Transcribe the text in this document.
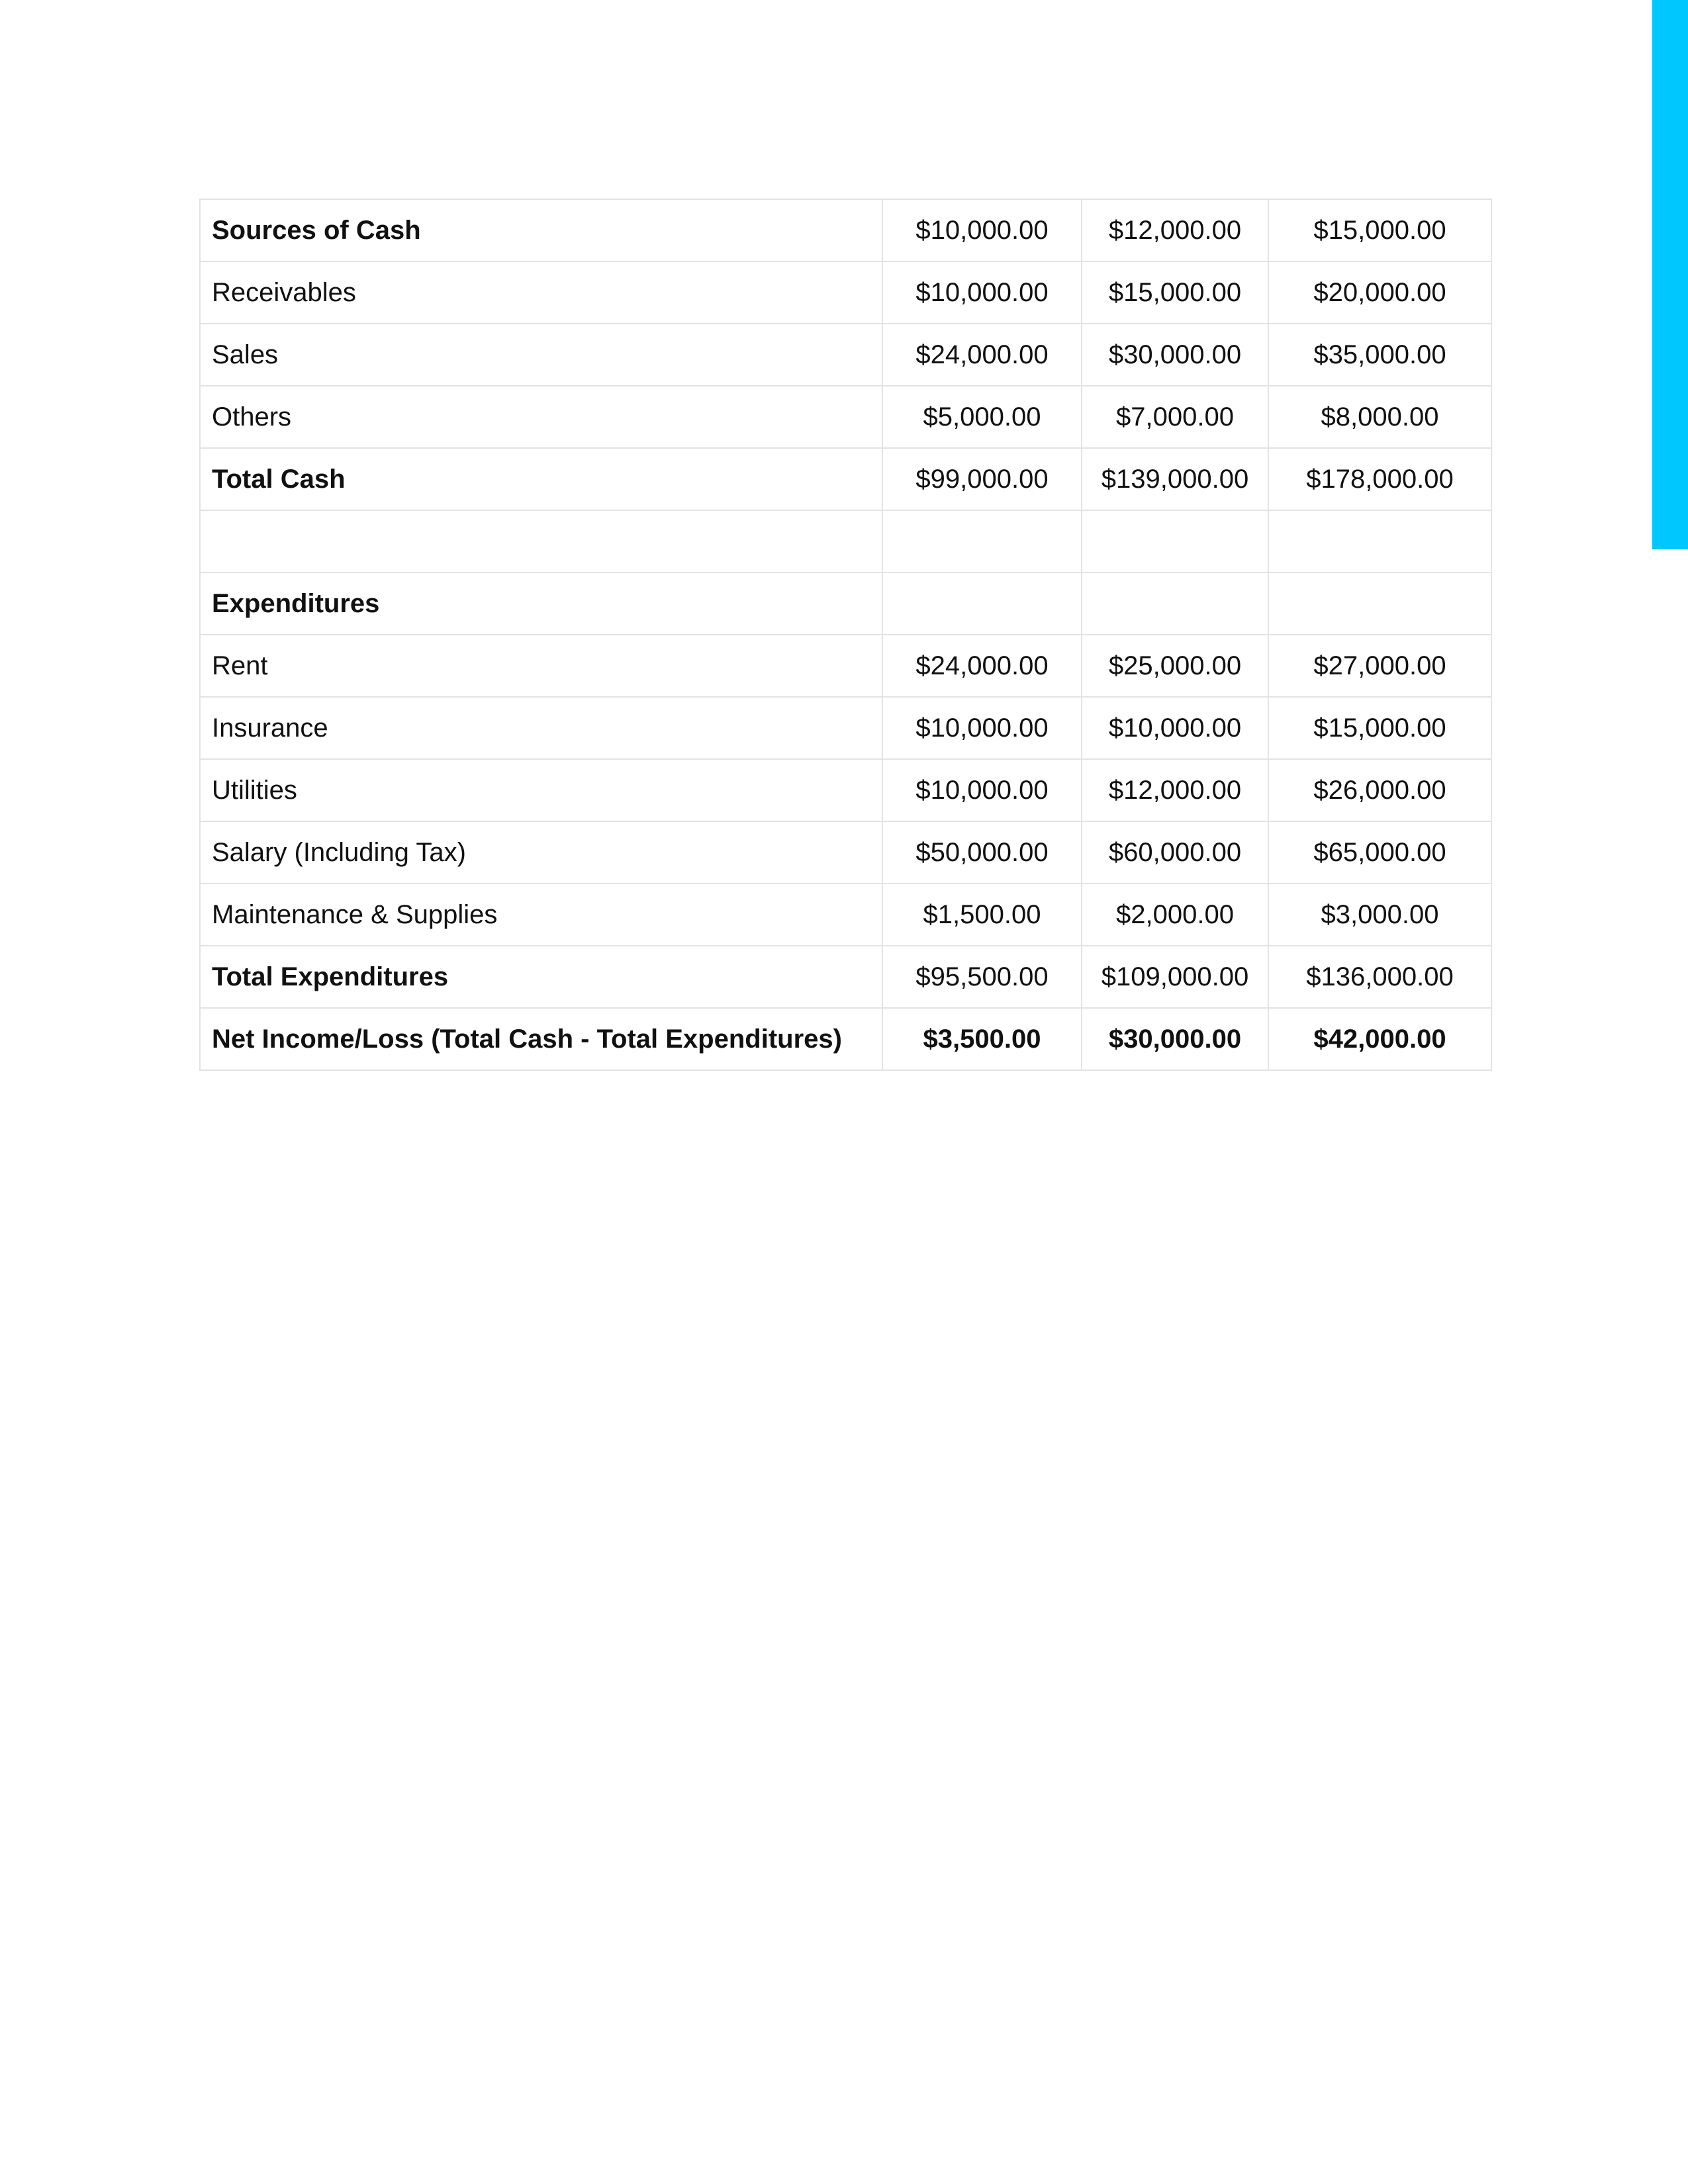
Sources of Cash	$10,000.00	$12,000.00	$15,000.00
Receivables	$10,000.00	$15,000.00	$20,000.00
Sales	$24,000.00	$30,000.00	$35,000.00
Others	$5,000.00	$7,000.00	$8,000.00
Total Cash	$99,000.00	$139,000.00	$178,000.00

Expenditures			
Rent	$24,000.00	$25,000.00	$27,000.00
Insurance	$10,000.00	$10,000.00	$15,000.00
Utilities	$10,000.00	$12,000.00	$26,000.00
Salary (Including Tax)	$50,000.00	$60,000.00	$65,000.00
Maintenance & Supplies	$1,500.00	$2,000.00	$3,000.00
Total Expenditures	$95,500.00	$109,000.00	$136,000.00
Net Income/Loss (Total Cash - Total Expenditures)	$3,500.00	$30,000.00	$42,000.00
